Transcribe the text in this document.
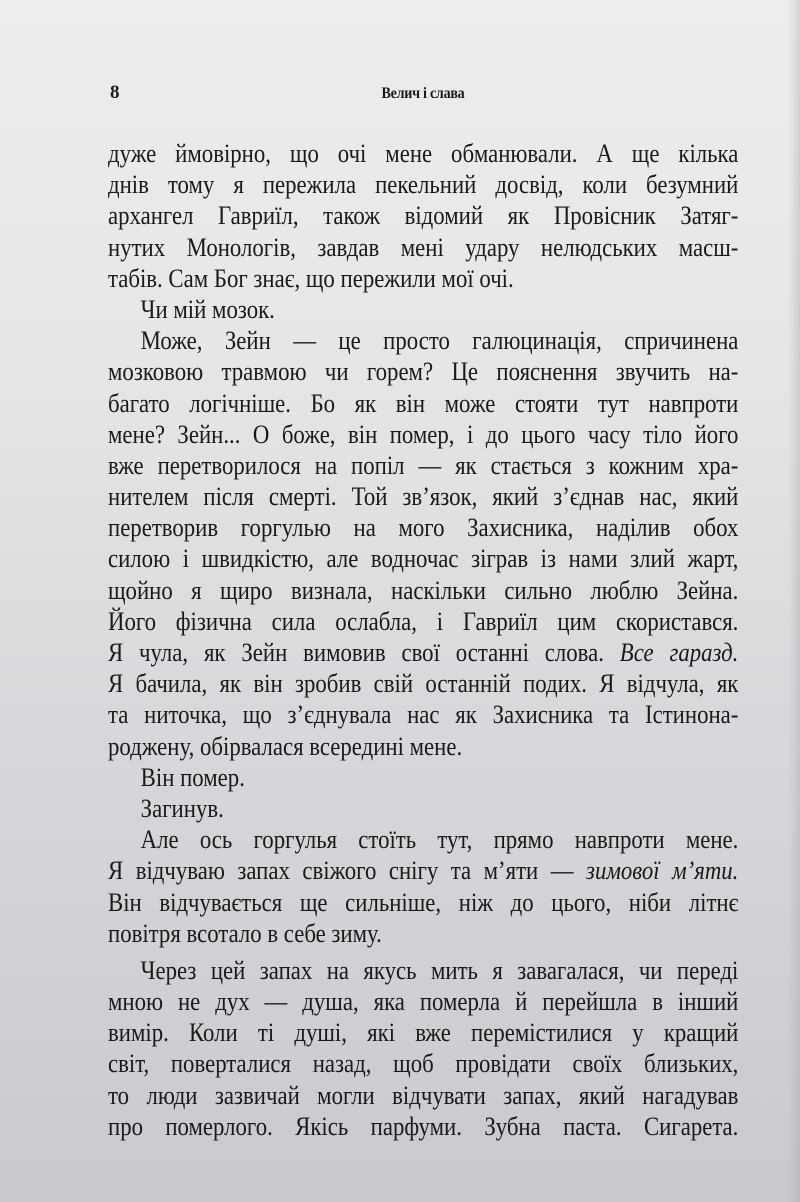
8	Велич і слава
дуже ймовірно, що очі мене обманювали. А ще кілька
днів тому я пережила пекельний досвід, коли безумний
архангел Гавриїл, також відомий як Провісник Затяг-
нутих Монологів, завдав мені удару нелюдських масш-
табів. Сам Бог знає, що пережили мої очі.
Чи мій мозок.
Може, Зейн — це просто галюцинація, спричинена
мозковою травмою чи горем? Це пояснення звучить на-
багато логічніше. Бо як він може стояти тут навпроти
мене? Зейн... О боже, він помер, і до цього часу тіло його
вже перетворилося на попіл — як стається з кожним хра-
нителем після смерті. Той зв’язок, який з’єднав нас, який
перетворив горгулью на мого Захисника, наділив обох
силою і швидкістю, але водночас зіграв із нами злий жарт,
щойно я щиро визнала, наскільки сильно люблю Зейна.
Його фізична сила ослабла, і Гавриїл цим скористався.
Я чула, як Зейн вимовив свої останні слова. Все гаразд.
Я бачила, як він зробив свій останній подих. Я відчула, як
та ниточка, що з’єднувала нас як Захисника та Істинона-
роджену, обірвалася всередині мене.
Він помер.
Загинув.
Але ось горгулья стоїть тут, прямо навпроти мене.
Я відчуваю запах свіжого снігу та м’яти — зимової м’яти.
Він відчувається ще сильніше, ніж до цього, ніби літнє
повітря всотало в себе зиму.
Через цей запах на якусь мить я завагалася, чи переді
мною не дух — душа, яка померла й перейшла в інший
вимір. Коли ті душі, які вже перемістилися у кращий
світ, поверталися назад, щоб провідати своїх близьких,
то люди зазвичай могли відчувати запах, який нагадував
про померлого. Якісь парфуми. Зубна паста. Сигарета.
